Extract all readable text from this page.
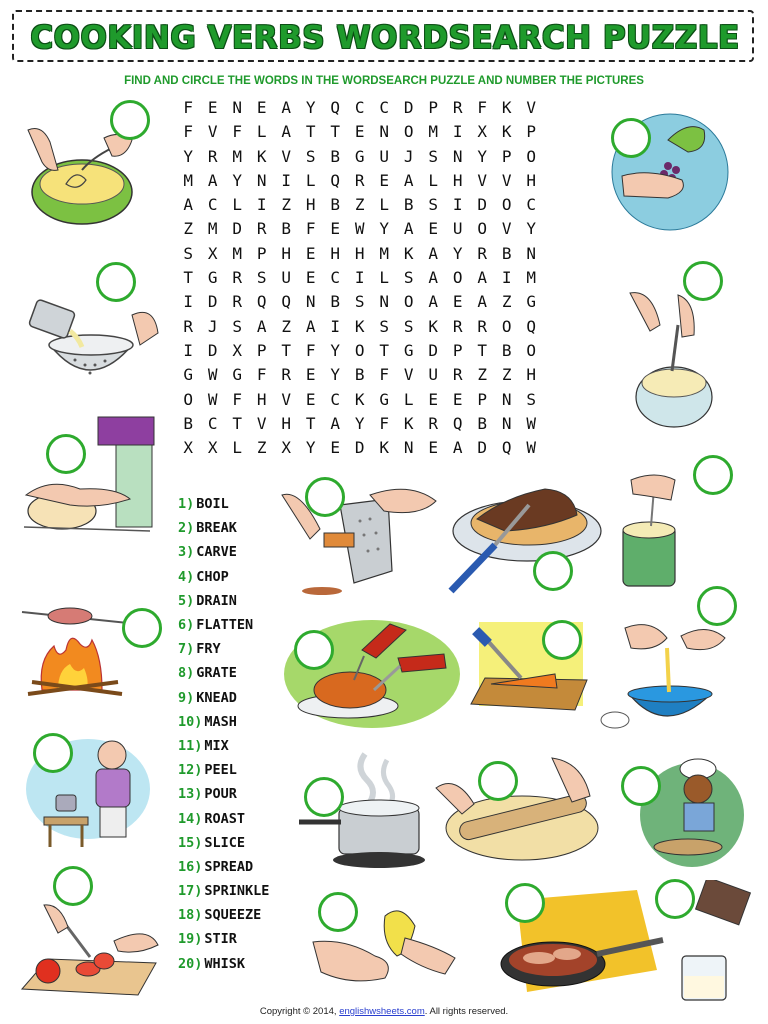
COOKING VERBS WORDSEARCH PUZZLE
FIND AND CIRCLE THE WORDS IN THE WORDSEARCH PUZZLE AND NUMBER THE PICTURES
F E N E A Y Q C C D P R F K V
F V F L A T T E N O M I X K P
Y R M K V S B G U J S N Y P O
M A Y N I L Q R E A L H V V H
A C L I Z H B Z L B S I D O C
Z M D R B F E W Y A E U O V Y
S X M P H E H H M K A Y R B N
T G R S U E C I L S A O A I M
I D R Q Q N B S N O A E A Z G
R J S A Z A I K S S K R R O Q
I D X P T F Y O T G D P T B O
G W G F R E Y B F V U R Z Z H
O W F H V E C K G L E E P N S
B C T V H T A Y F K R Q B N W
X X L Z X Y E D K N E A D Q W
1) BOIL
2) BREAK
3) CARVE
4) CHOP
5) DRAIN
6) FLATTEN
7) FRY
8) GRATE
9) KNEAD
10) MASH
11) MIX
12) PEEL
13) POUR
14) ROAST
15) SLICE
16) SPREAD
17) SPRINKLE
18) SQUEEZE
19) STIR
20) WHISK
Copyright © 2014, englishwsheets.com. All rights reserved.
